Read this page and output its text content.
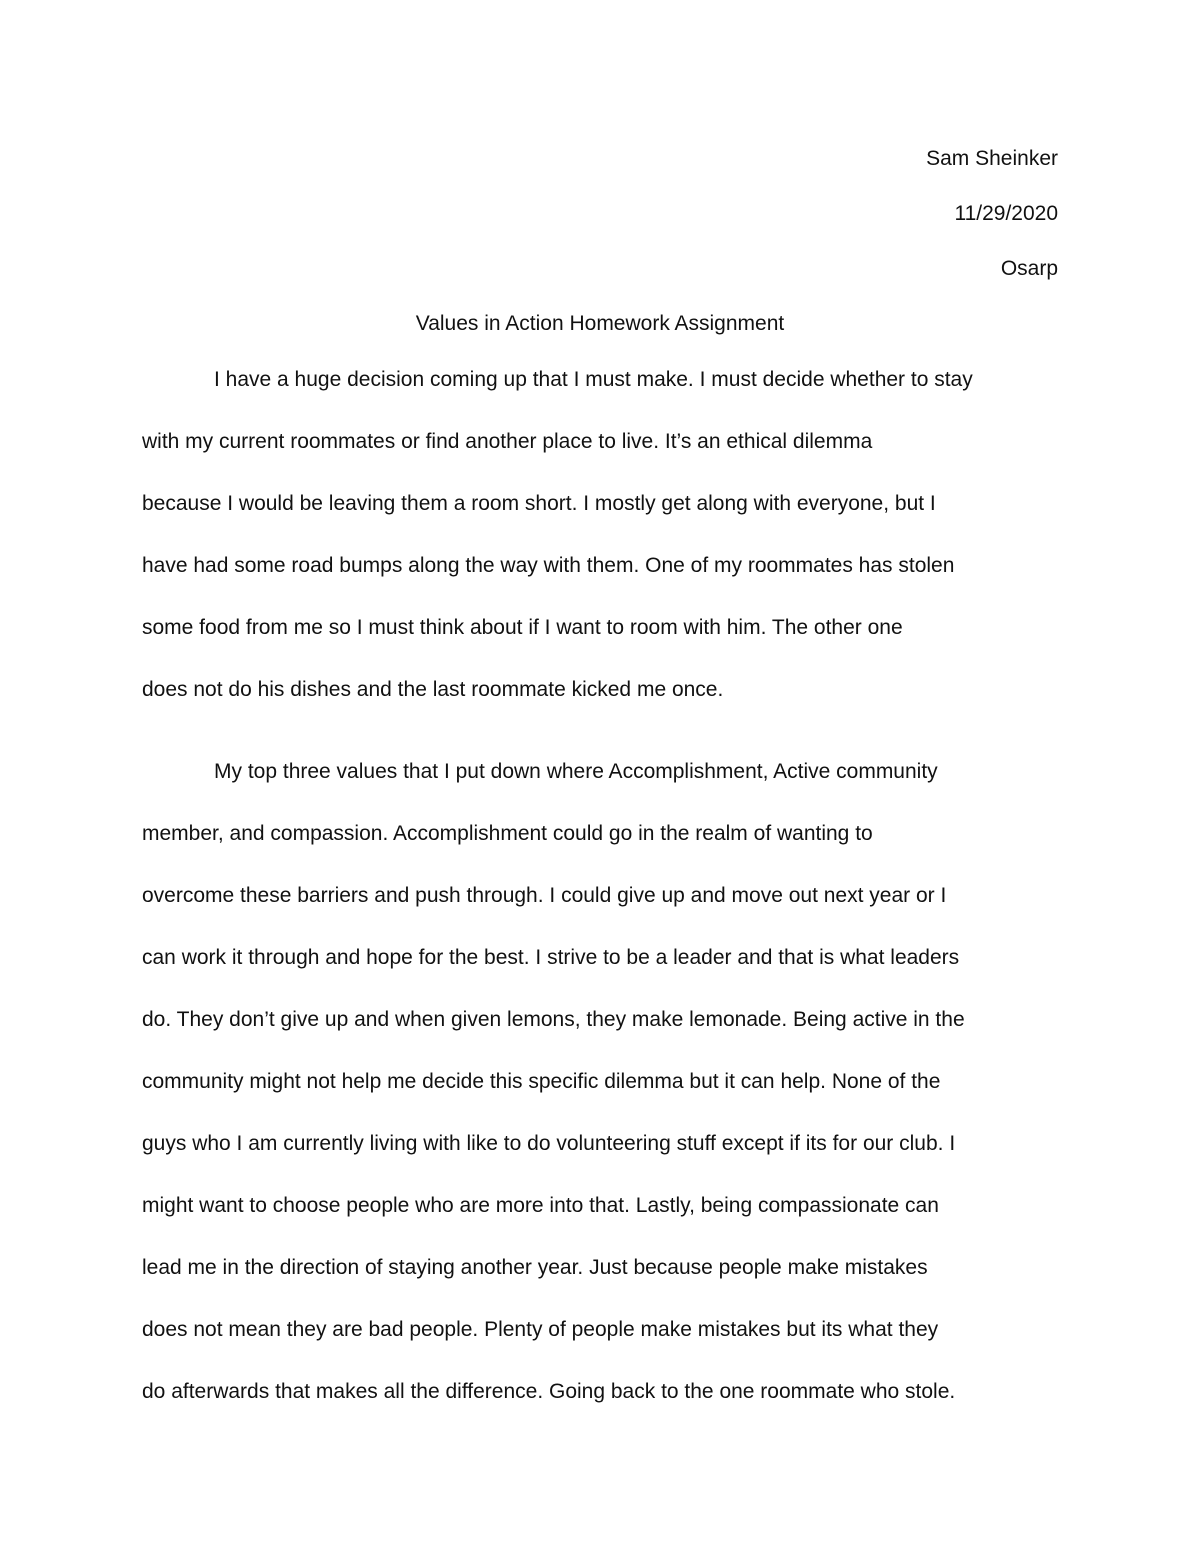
Sam Sheinker
11/29/2020
Osarp
Values in Action Homework Assignment
I have a huge decision coming up that I must make. I must decide whether to stay
with my current roommates or find another place to live. It’s an ethical dilemma
because I would be leaving them a room short. I mostly get along with everyone, but I
have had some road bumps along the way with them. One of my roommates has stolen
some food from me so I must think about if I want to room with him. The other one
does not do his dishes and the last roommate kicked me once.
My top three values that I put down where Accomplishment, Active community
member, and compassion. Accomplishment could go in the realm of wanting to
overcome these barriers and push through. I could give up and move out next year or I
can work it through and hope for the best. I strive to be a leader and that is what leaders
do. They don’t give up and when given lemons, they make lemonade. Being active in the
community might not help me decide this specific dilemma but it can help. None of the
guys who I am currently living with like to do volunteering stuff except if its for our club. I
might want to choose people who are more into that. Lastly, being compassionate can
lead me in the direction of staying another year. Just because people make mistakes
does not mean they are bad people. Plenty of people make mistakes but its what they
do afterwards that makes all the difference. Going back to the one roommate who stole.
